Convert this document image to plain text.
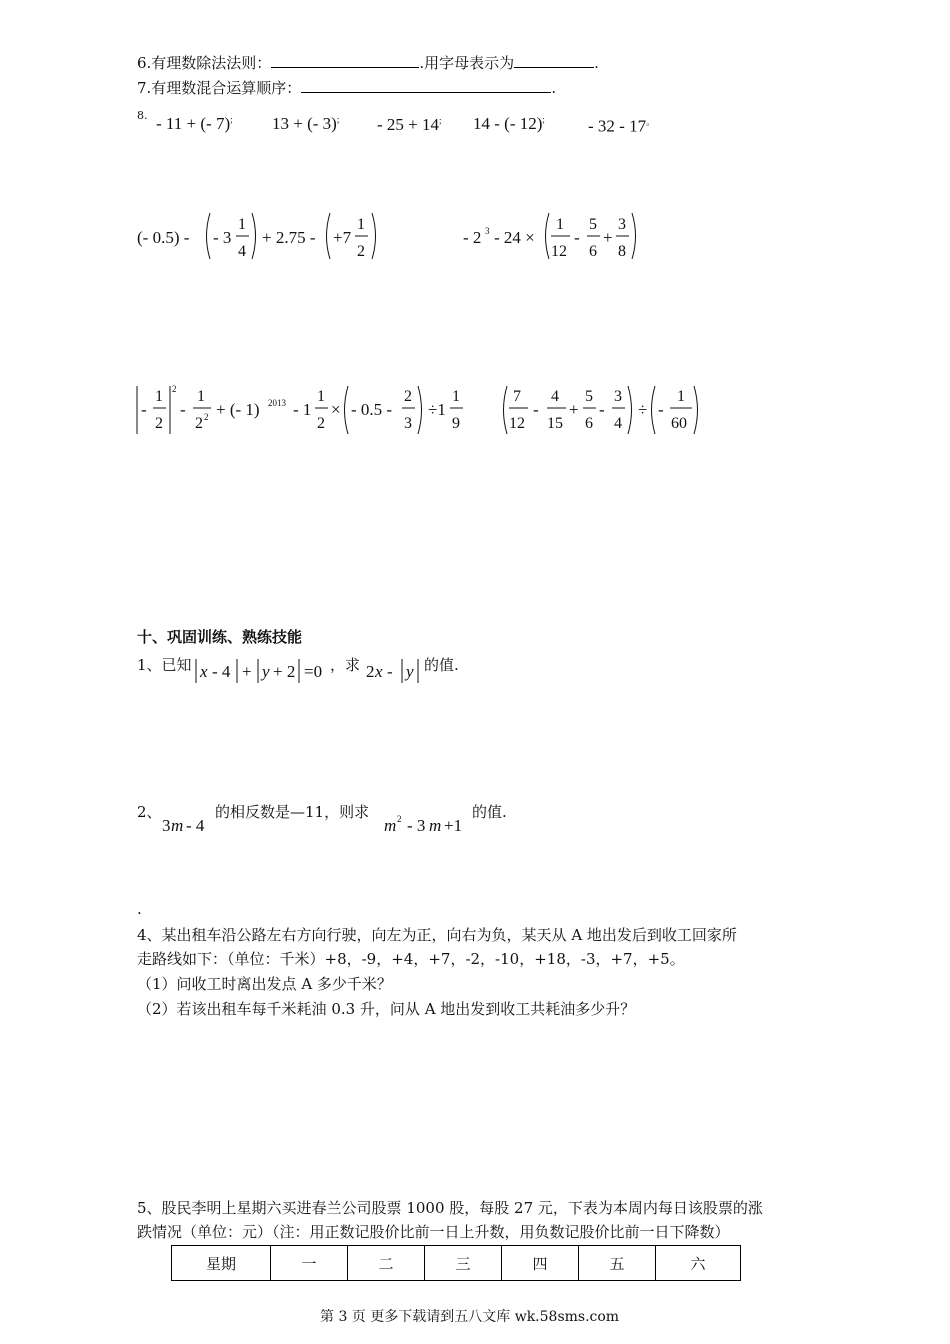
6.有理数除法法则：	.用字母表示为	.
7.有理数混合运算顺序：	.
8. - 11 + (- 7); 13 + (- 3); - 25 + 14; 14 - (- 12);	- 32 - 17。
(- 0.5) - - 3
1
4
+ 2.75 - +7
1
2
- 2 3 - 24 ×
1
12
-
5
6
+
3
8
-
1
2
2
-
1
2 2 + (- 1) 2013 - 1
1
2
× - 0.5 -
2
3
÷1
1
9
7
12
-
4
15
+
5
6
-
3
4
÷ -
1
60
x - 4 + y + 2 =0	2 x - y
3 m - 4	m 2 - 3 m +1
十、巩固训练、熟练技能
1、已知	，求	的值.
2、	的相反数是—11，则求	的值.
.
4、某出租车沿公路左右方向行驶，向左为正，向右为负，某天从 A 地出发后到收工回家所
走路线如下：（单位：千米）+8，-9，+4，+7，-2，-10，+18，-3，+7，+5。
（1）问收工时离出发点 A 多少千米？
（2）若该出租车每千米耗油 0.3 升，问从 A 地出发到收工共耗油多少升？
5、股民李明上星期六买进春兰公司股票 1000 股，每股 27 元，下表为本周内每日该股票的涨
跌情况（单位：元）（注：用正数记股价比前一日上升数，用负数记股价比前一日下降数）
星期	一	二	三	四	五	六
第 3 页 更多下载请到五八文库 wk.58sms.com
